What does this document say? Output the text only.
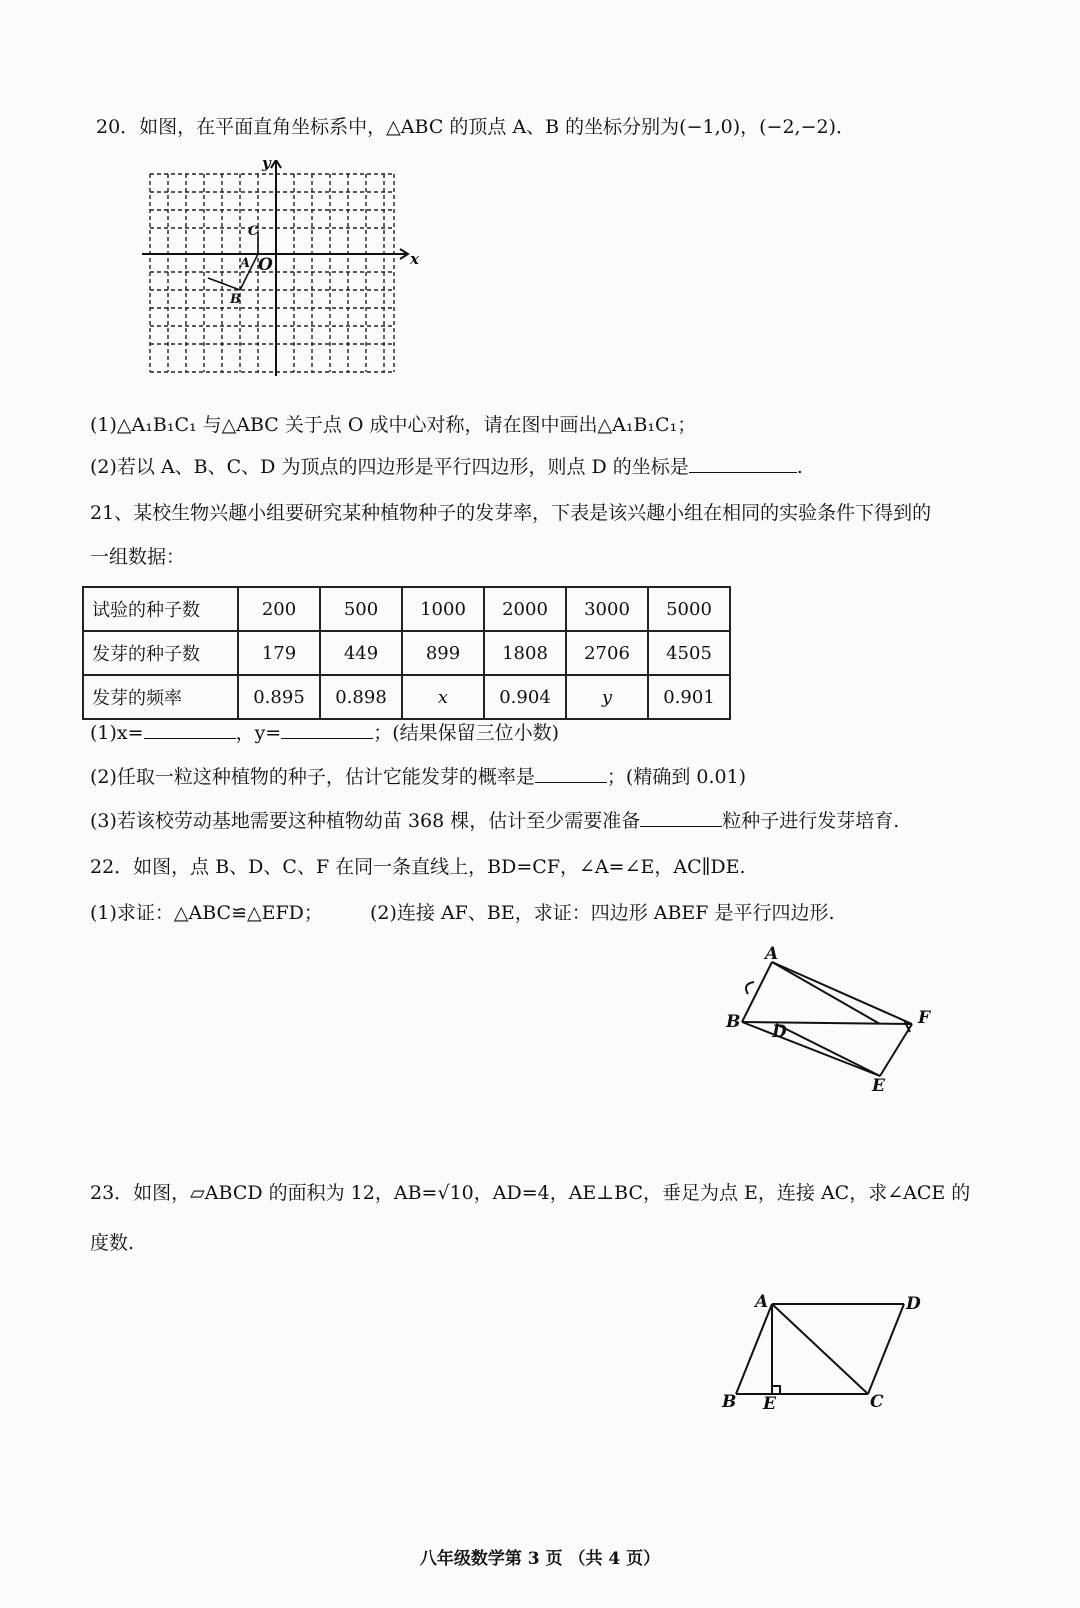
20．如图，在平面直角坐标系中，△ABC 的顶点 A、B 的坐标分别为(−1,0)，(−2,−2)．
x
y
O
C
A
B
(1)△A₁B₁C₁ 与△ABC 关于点 O 成中心对称，请在图中画出△A₁B₁C₁；
(2)若以 A、B、C、D 为顶点的四边形是平行四边形，则点 D 的坐标是	.
21、某校生物兴趣小组要研究某种植物种子的发芽率，下表是该兴趣小组在相同的实验条件下得到的
一组数据：
试验的种子数	200	500	1000	2000	3000	5000
发芽的种子数	179	449	899	1808	2706	4505
发芽的频率	0.895	0.898	x	0.904	y	0.901
(1)x=	，y=	；(结果保留三位小数)
(2)任取一粒这种植物的种子，估计它能发芽的概率是	；(精确到 0.01)
(3)若该校劳动基地需要这种植物幼苗 368 棵，估计至少需要准备	粒种子进行发芽培育.
22．如图，点 B、D、C、F 在同一条直线上，BD=CF，∠A=∠E，AC∥DE.
(1)求证：△ABC≌△EFD； (2)连接 AF、BE，求证：四边形 ABEF 是平行四边形.
A
B D
F
E
23．如图，▱ABCD 的面积为 12，AB=√10，AD=4，AE⊥BC，垂足为点 E，连接 AC，求∠ACE 的
度数.
A	D
B E	C
八年级数学第 3 页 （共 4 页）
